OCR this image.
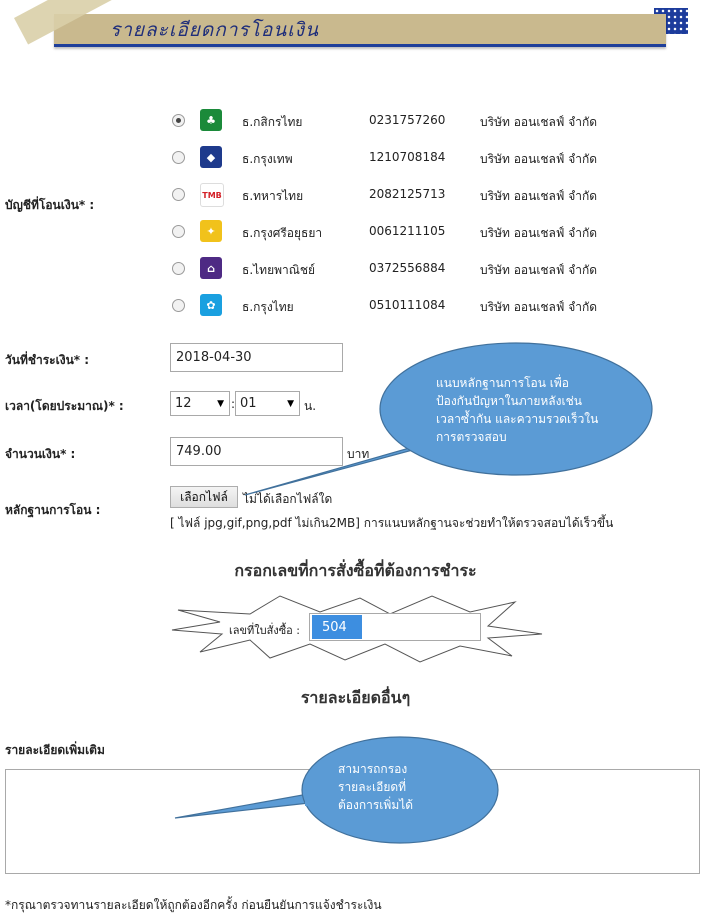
รายละเอียดการโอนเงิน
บัญชีที่โอนเงิน* :
♣	ธ.กสิกรไทย	0231757260	บริษัท ออนเชลฟ์ จำกัด
◆	ธ.กรุงเทพ	1210708184	บริษัท ออนเชลฟ์ จำกัด
TMB ธ.ทหารไทย	2082125713	บริษัท ออนเชลฟ์ จำกัด
✦	ธ.กรุงศรีอยุธยา	0061211105	บริษัท ออนเชลฟ์ จำกัด
⌂	ธ.ไทยพาณิชย์	0372556884	บริษัท ออนเชลฟ์ จำกัด
✿	ธ.กรุงไทย	0510111084	บริษัท ออนเชลฟ์ จำกัด
วันที่ชำระเงิน* :	2018-04-30
เวลา(โดยประมาณ)* :	12	▼ : 01	▼ น.
จำนวนเงิน* :	749.00	บาท
หลักฐานการโอน :
เลือกไฟล์	ไม่ได้เลือกไฟล์ใด
[ ไฟล์ jpg,gif,png,pdf ไม่เกิน2MB] การแนบหลักฐานจะช่วยทำให้ตรวจสอบได้เร็วขึ้น
แนบหลักฐานการโอน เพื่อ
ป้องกันปัญหาในภายหลังเช่น
เวลาซ้ำกัน และความรวดเร็วใน
การตรวจสอบ
กรอกเลขที่การสั่งซื้อที่ต้องการชำระ
เลขที่ใบสั่งซื้อ :	504
รายละเอียดอื่นๆ
รายละเอียดเพิ่มเติม
สามารถกรอง
รายละเอียดที่
ต้องการเพิ่มได้
*กรุณาตรวจทานรายละเอียดให้ถูกต้องอีกครั้ง ก่อนยืนยันการแจ้งชำระเงิน
